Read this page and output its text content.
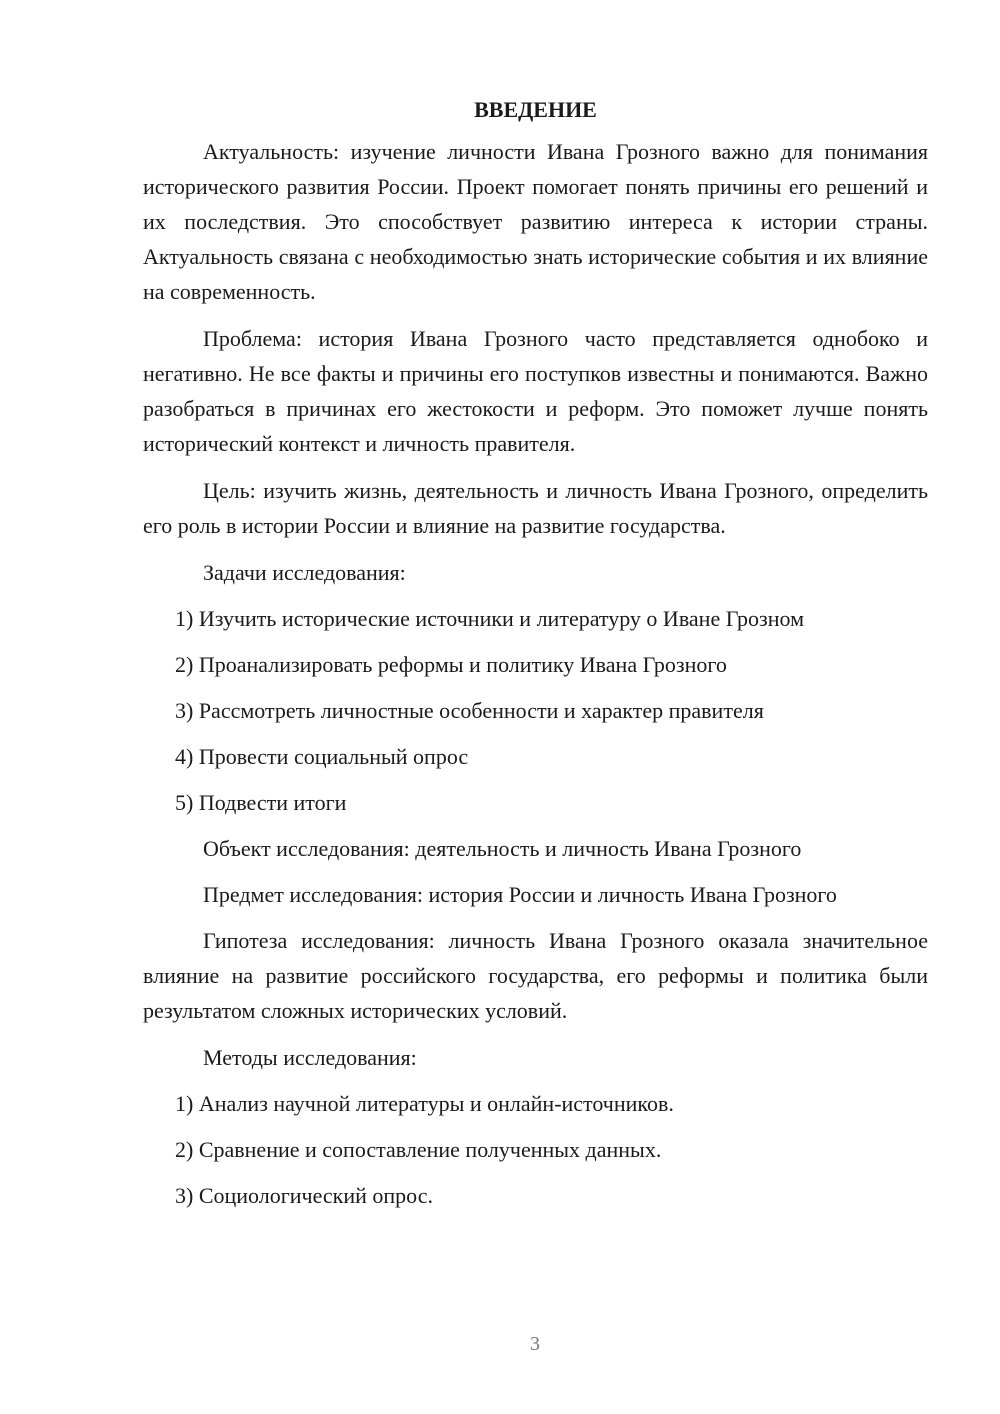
ВВЕДЕНИЕ

Актуальность: изучение личности Ивана Грозного важно для понимания исторического развития России. Проект помогает понять причины его решений и их последствия. Это способствует развитию интереса к истории страны. Актуальность связана с необходимостью знать исторические события и их влияние на современность.

Проблема: история Ивана Грозного часто представляется однобоко и негативно. Не все факты и причины его поступков известны и понимаются. Важно разобраться в причинах его жестокости и реформ. Это поможет лучше понять исторический контекст и личность правителя.

Цель: изучить жизнь, деятельность и личность Ивана Грозного, определить его роль в истории России и влияние на развитие государства.

Задачи исследования:
1) Изучить исторические источники и литературу о Иване Грозном
2) Проанализировать реформы и политику Ивана Грозного
3) Рассмотреть личностные особенности и характер правителя
4) Провести социальный опрос
5) Подвести итоги
Объект исследования: деятельность и личность Ивана Грозного
Предмет исследования: история России и личность Ивана Грозного

Гипотеза исследования: личность Ивана Грозного оказала значительное влияние на развитие российского государства, его реформы и политика были результатом сложных исторических условий.

Методы исследования:
1) Анализ научной литературы и онлайн-источников.
2) Сравнение и сопоставление полученных данных.
3) Социологический опрос.
3
